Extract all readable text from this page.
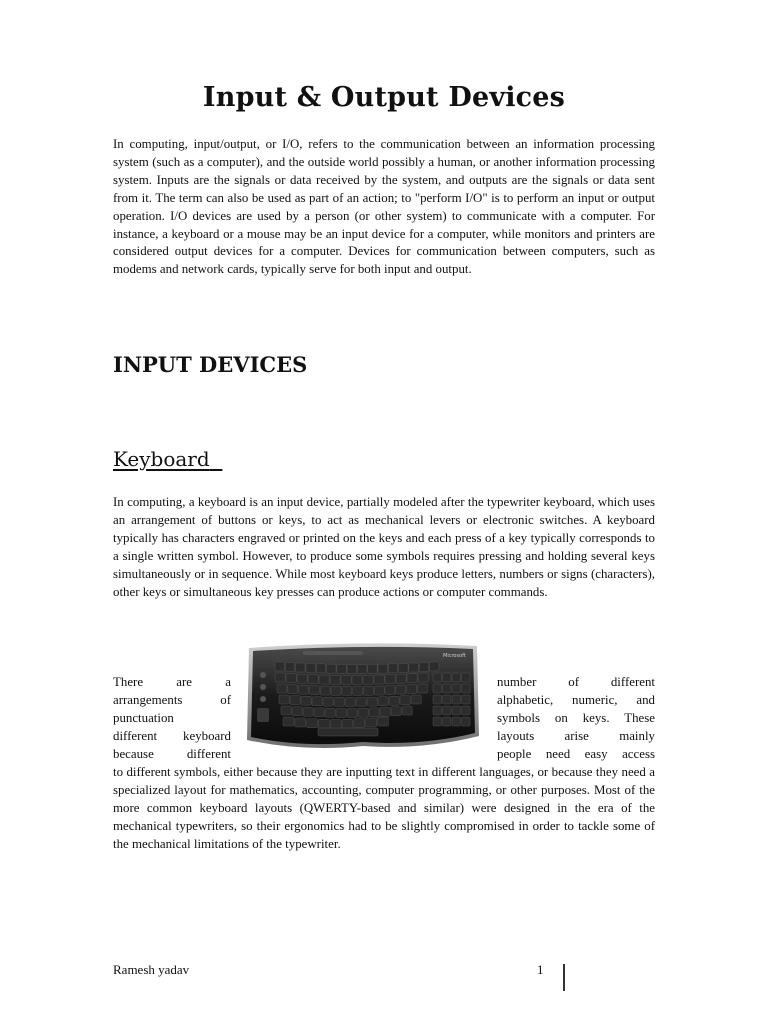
Input & Output Devices
In computing, input/output, or I/O, refers to the communication between an information processing system (such as a computer), and the outside world possibly a human, or another information processing system. Inputs are the signals or data received by the system, and outputs are the signals or data sent from it. The term can also be used as part of an action; to "perform I/O" is to perform an input or output operation. I/O devices are used by a person (or other system) to communicate with a computer. For instance, a keyboard or a mouse may be an input device for a computer, while monitors and printers are considered output devices for a computer. Devices for communication between computers, such as modems and network cards, typically serve for both input and output.
INPUT DEVICES
Keyboard
In computing, a keyboard is an input device, partially modeled after the typewriter keyboard, which uses an arrangement of buttons or keys, to act as mechanical levers or electronic switches. A keyboard typically has characters engraved or printed on the keys and each press of a key typically corresponds to a single written symbol. However, to produce some symbols requires pressing and holding several keys simultaneously or in sequence. While most keyboard keys produce letters, numbers or signs (characters), other keys or simultaneous key presses can produce actions or computer commands.
There are a
arrangements of
punctuation
different keyboard
because different
number of different
alphabetic, numeric, and
symbols on keys. These
layouts arise mainly
people need easy access
Microsoft
to different symbols, either because they are inputting text in different languages, or because they need a specialized layout for mathematics, accounting, computer programming, or other purposes. Most of the more common keyboard layouts (QWERTY-based and similar) were designed in the era of the mechanical typewriters, so their ergonomics had to be slightly compromised in order to tackle some of the mechanical limitations of the typewriter.
Ramesh yadav	1
